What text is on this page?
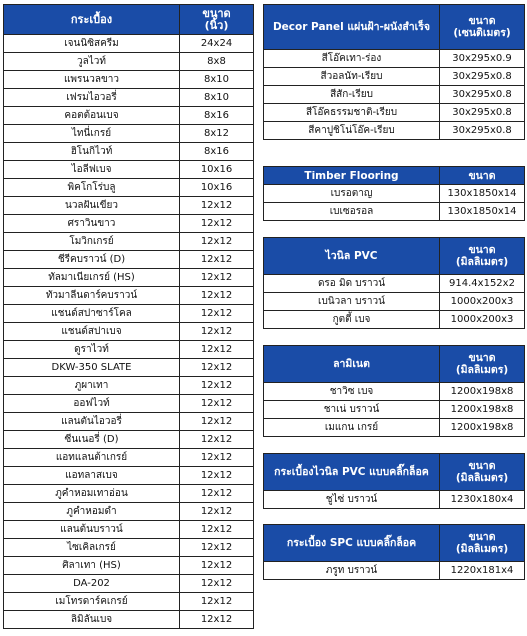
กระเบื้อง	ขนาด
(นิ้ว)

เจนนิซิสครีม	24x24
วูลไวท์	8x8
แพรนวลขาว	8x10
เฟรมไอวอรี่	8x10
คอตต้อนเบจ	8x16
ไทนี่เกรย์	8x12
ฮิโนกิไวท์	8x16
ไอลีฟเบจ	10x16
พิคโกโร่บลู	10x16
นวลฝันเขียว	12x12
ศราวินขาว	12x12
โมวิกเกรย์	12x12
ชีรีคบราวน์ (D)	12x12
ทัลมาเนียเกรย์ (HS)	12x12
ทัวมาลีนดาร์คบราวน์	12x12
แชนด์สปาซาร์โคล	12x12
แชนด์สปาเบจ	12x12
ดูราไวท์	12x12
DKW-350 SLATE	12x12
ภูผาเทา	12x12
ออฟไวท์	12x12
แลนตันไอวอรี่	12x12
ซีนเนอรี่ (D)	12x12
แอทแลนต้าเกรย์	12x12
แอทลาสเบจ	12x12
ภูคำหอมเทาอ่อน	12x12
ภูคำหอมดำ	12x12
แลนต้นบราวน์	12x12
ไซเคิลเกรย์	12x12
ศิลาเทา (HS)	12x12
DA-202	12x12
เมโทรดาร์คเกรย์	12x12
ลิมิลันเบจ	12x12
Decor Panel แผ่นฝ้า-ผนังสำเร็จ	ขนาด
(เซนติเมตร)

สีโอ๊คเทา-ร่อง	30x295x0.9
สีวอลนัท-เรียบ	30x295x0.8
สีสัก-เรียบ	30x295x0.8
สีโอ๊คธรรมชาติ-เรียบ	30x295x0.8
สีคาปูชิโน่โอ๊ค-เรียบ	30x295x0.8
Timber Flooring	ขนาด
เบรอตาญ	130x1850x14
เบเซอรอล	130x1850x14
ไวนิล PVC	ขนาด
(มิลลิเมตร)

ดรอ มิด บราวน์	914.4x152x2
เบนิวลา บราวน์	1000x200x3
กูตตี้ เบจ	1000x200x3
ลามิเนต	ขนาด
(มิลลิเมตร)

ชาวิซ เบจ	1200x198x8
ชาเน่ บราวน์	1200x198x8
เมแกน เกรย์	1200x198x8
กระเบื้องไวนิล PVC แบบคลิ๊กล็อค	ขนาด
(มิลลิเมตร)

ชูไซ่ บราวน์	1230x180x4
กระเบื้อง SPC แบบคลิ๊กล็อค	ขนาด
(มิลลิเมตร)

ภรูท บราวน์	1220x181x4
